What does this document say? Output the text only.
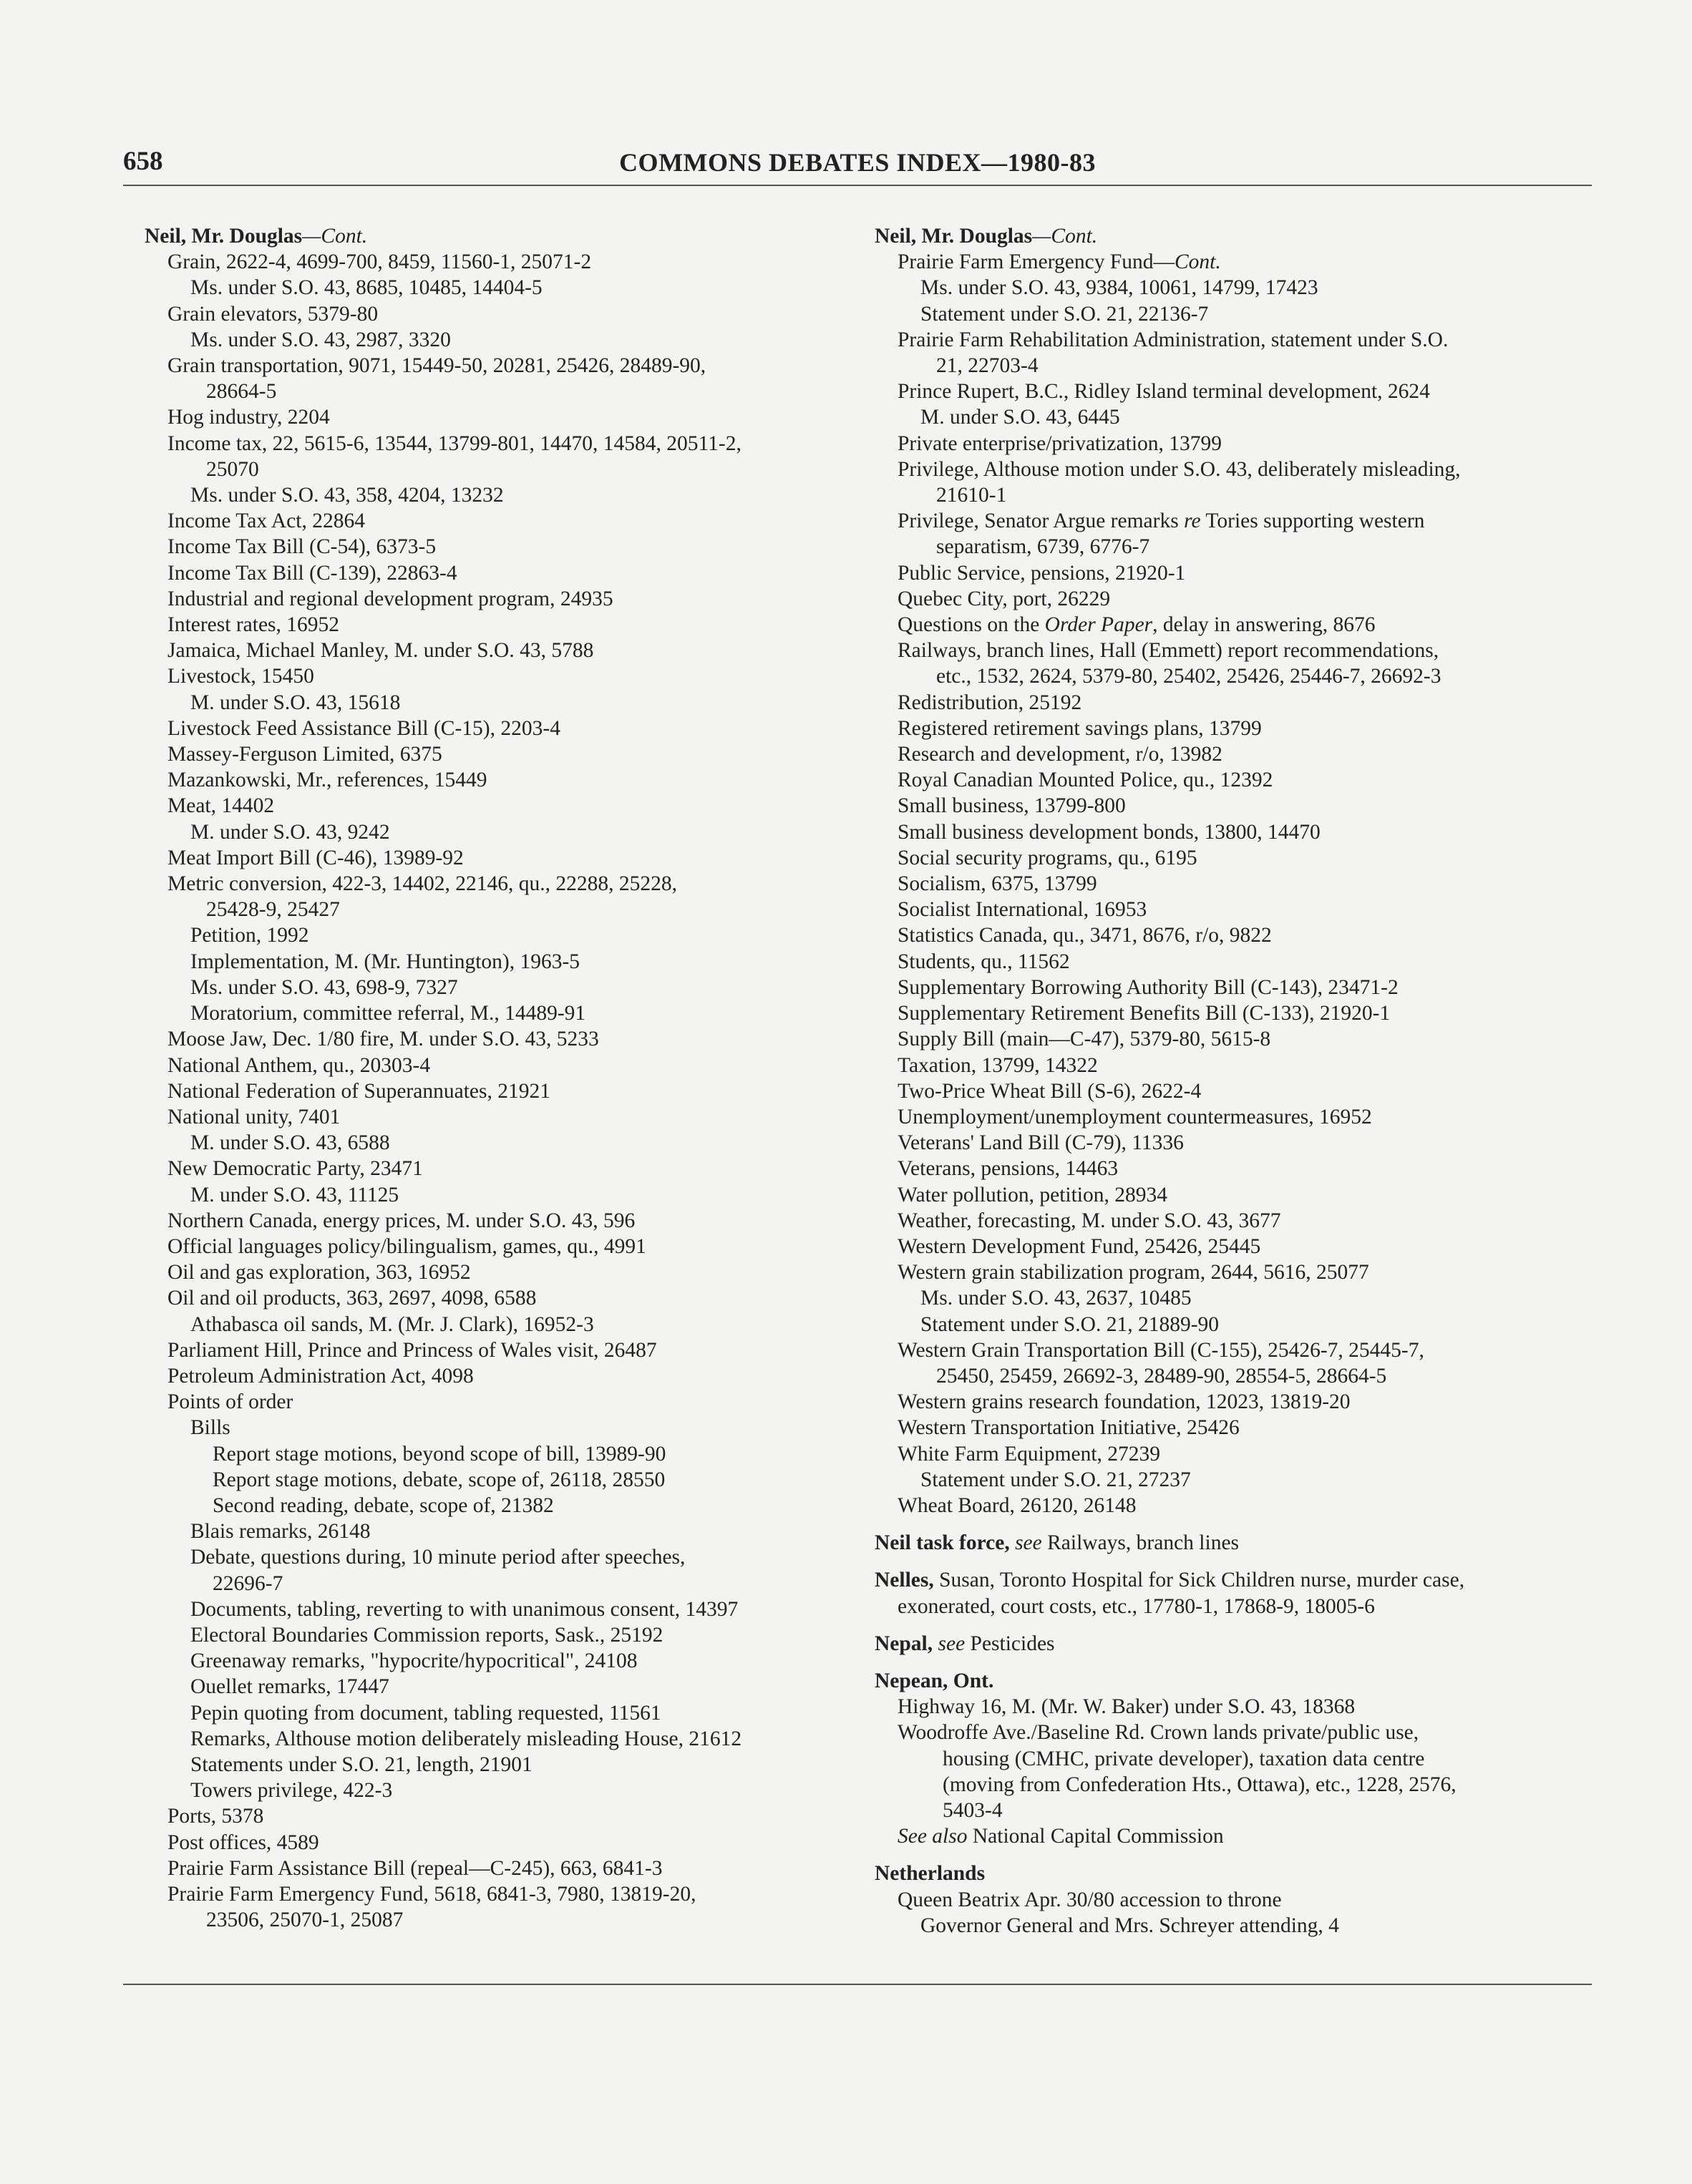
658	COMMONS DEBATES INDEX—1980-83
Neil, Mr. Douglas—Cont.
Grain, 2622-4, 4699-700, 8459, 11560-1, 25071-2
Ms. under S.O. 43, 8685, 10485, 14404-5
Grain elevators, 5379-80
Ms. under S.O. 43, 2987, 3320
Grain transportation, 9071, 15449-50, 20281, 25426, 28489-90,
28664-5
Hog industry, 2204
Income tax, 22, 5615-6, 13544, 13799-801, 14470, 14584, 20511-2,
25070
Ms. under S.O. 43, 358, 4204, 13232
Income Tax Act, 22864
Income Tax Bill (C-54), 6373-5
Income Tax Bill (C-139), 22863-4
Industrial and regional development program, 24935
Interest rates, 16952
Jamaica, Michael Manley, M. under S.O. 43, 5788
Livestock, 15450
M. under S.O. 43, 15618
Livestock Feed Assistance Bill (C-15), 2203-4
Massey-Ferguson Limited, 6375
Mazankowski, Mr., references, 15449
Meat, 14402
M. under S.O. 43, 9242
Meat Import Bill (C-46), 13989-92
Metric conversion, 422-3, 14402, 22146, qu., 22288, 25228,
25428-9, 25427
Petition, 1992
Implementation, M. (Mr. Huntington), 1963-5
Ms. under S.O. 43, 698-9, 7327
Moratorium, committee referral, M., 14489-91
Moose Jaw, Dec. 1/80 fire, M. under S.O. 43, 5233
National Anthem, qu., 20303-4
National Federation of Superannuates, 21921
National unity, 7401
M. under S.O. 43, 6588
New Democratic Party, 23471
M. under S.O. 43, 11125
Northern Canada, energy prices, M. under S.O. 43, 596
Official languages policy/bilingualism, games, qu., 4991
Oil and gas exploration, 363, 16952
Oil and oil products, 363, 2697, 4098, 6588
Athabasca oil sands, M. (Mr. J. Clark), 16952-3
Parliament Hill, Prince and Princess of Wales visit, 26487
Petroleum Administration Act, 4098
Points of order
Bills
Report stage motions, beyond scope of bill, 13989-90
Report stage motions, debate, scope of, 26118, 28550
Second reading, debate, scope of, 21382
Blais remarks, 26148
Debate, questions during, 10 minute period after speeches,
22696-7
Documents, tabling, reverting to with unanimous consent, 14397
Electoral Boundaries Commission reports, Sask., 25192
Greenaway remarks, "hypocrite/hypocritical", 24108
Ouellet remarks, 17447
Pepin quoting from document, tabling requested, 11561
Remarks, Althouse motion deliberately misleading House, 21612
Statements under S.O. 21, length, 21901
Towers privilege, 422-3
Ports, 5378
Post offices, 4589
Prairie Farm Assistance Bill (repeal—C-245), 663, 6841-3
Prairie Farm Emergency Fund, 5618, 6841-3, 7980, 13819-20,
23506, 25070-1, 25087
Neil, Mr. Douglas—Cont.
Prairie Farm Emergency Fund—Cont.
Ms. under S.O. 43, 9384, 10061, 14799, 17423
Statement under S.O. 21, 22136-7
Prairie Farm Rehabilitation Administration, statement under S.O.
21, 22703-4
Prince Rupert, B.C., Ridley Island terminal development, 2624
M. under S.O. 43, 6445
Private enterprise/privatization, 13799
Privilege, Althouse motion under S.O. 43, deliberately misleading,
21610-1
Privilege, Senator Argue remarks re Tories supporting western
separatism, 6739, 6776-7
Public Service, pensions, 21920-1
Quebec City, port, 26229
Questions on the Order Paper, delay in answering, 8676
Railways, branch lines, Hall (Emmett) report recommendations,
etc., 1532, 2624, 5379-80, 25402, 25426, 25446-7, 26692-3
Redistribution, 25192
Registered retirement savings plans, 13799
Research and development, r/o, 13982
Royal Canadian Mounted Police, qu., 12392
Small business, 13799-800
Small business development bonds, 13800, 14470
Social security programs, qu., 6195
Socialism, 6375, 13799
Socialist International, 16953
Statistics Canada, qu., 3471, 8676, r/o, 9822
Students, qu., 11562
Supplementary Borrowing Authority Bill (C-143), 23471-2
Supplementary Retirement Benefits Bill (C-133), 21920-1
Supply Bill (main—C-47), 5379-80, 5615-8
Taxation, 13799, 14322
Two-Price Wheat Bill (S-6), 2622-4
Unemployment/unemployment countermeasures, 16952
Veterans' Land Bill (C-79), 11336
Veterans, pensions, 14463
Water pollution, petition, 28934
Weather, forecasting, M. under S.O. 43, 3677
Western Development Fund, 25426, 25445
Western grain stabilization program, 2644, 5616, 25077
Ms. under S.O. 43, 2637, 10485
Statement under S.O. 21, 21889-90
Western Grain Transportation Bill (C-155), 25426-7, 25445-7,
25450, 25459, 26692-3, 28489-90, 28554-5, 28664-5
Western grains research foundation, 12023, 13819-20
Western Transportation Initiative, 25426
White Farm Equipment, 27239
Statement under S.O. 21, 27237
Wheat Board, 26120, 26148
Neil task force, see Railways, branch lines
Nelles, Susan, Toronto Hospital for Sick Children nurse, murder case,
exonerated, court costs, etc., 17780-1, 17868-9, 18005-6
Nepal, see Pesticides
Nepean, Ont.
Highway 16, M. (Mr. W. Baker) under S.O. 43, 18368
Woodroffe Ave./Baseline Rd. Crown lands private/public use,
housing (CMHC, private developer), taxation data centre
(moving from Confederation Hts., Ottawa), etc., 1228, 2576,
5403-4
See also National Capital Commission
Netherlands
Queen Beatrix Apr. 30/80 accession to throne
Governor General and Mrs. Schreyer attending, 4
